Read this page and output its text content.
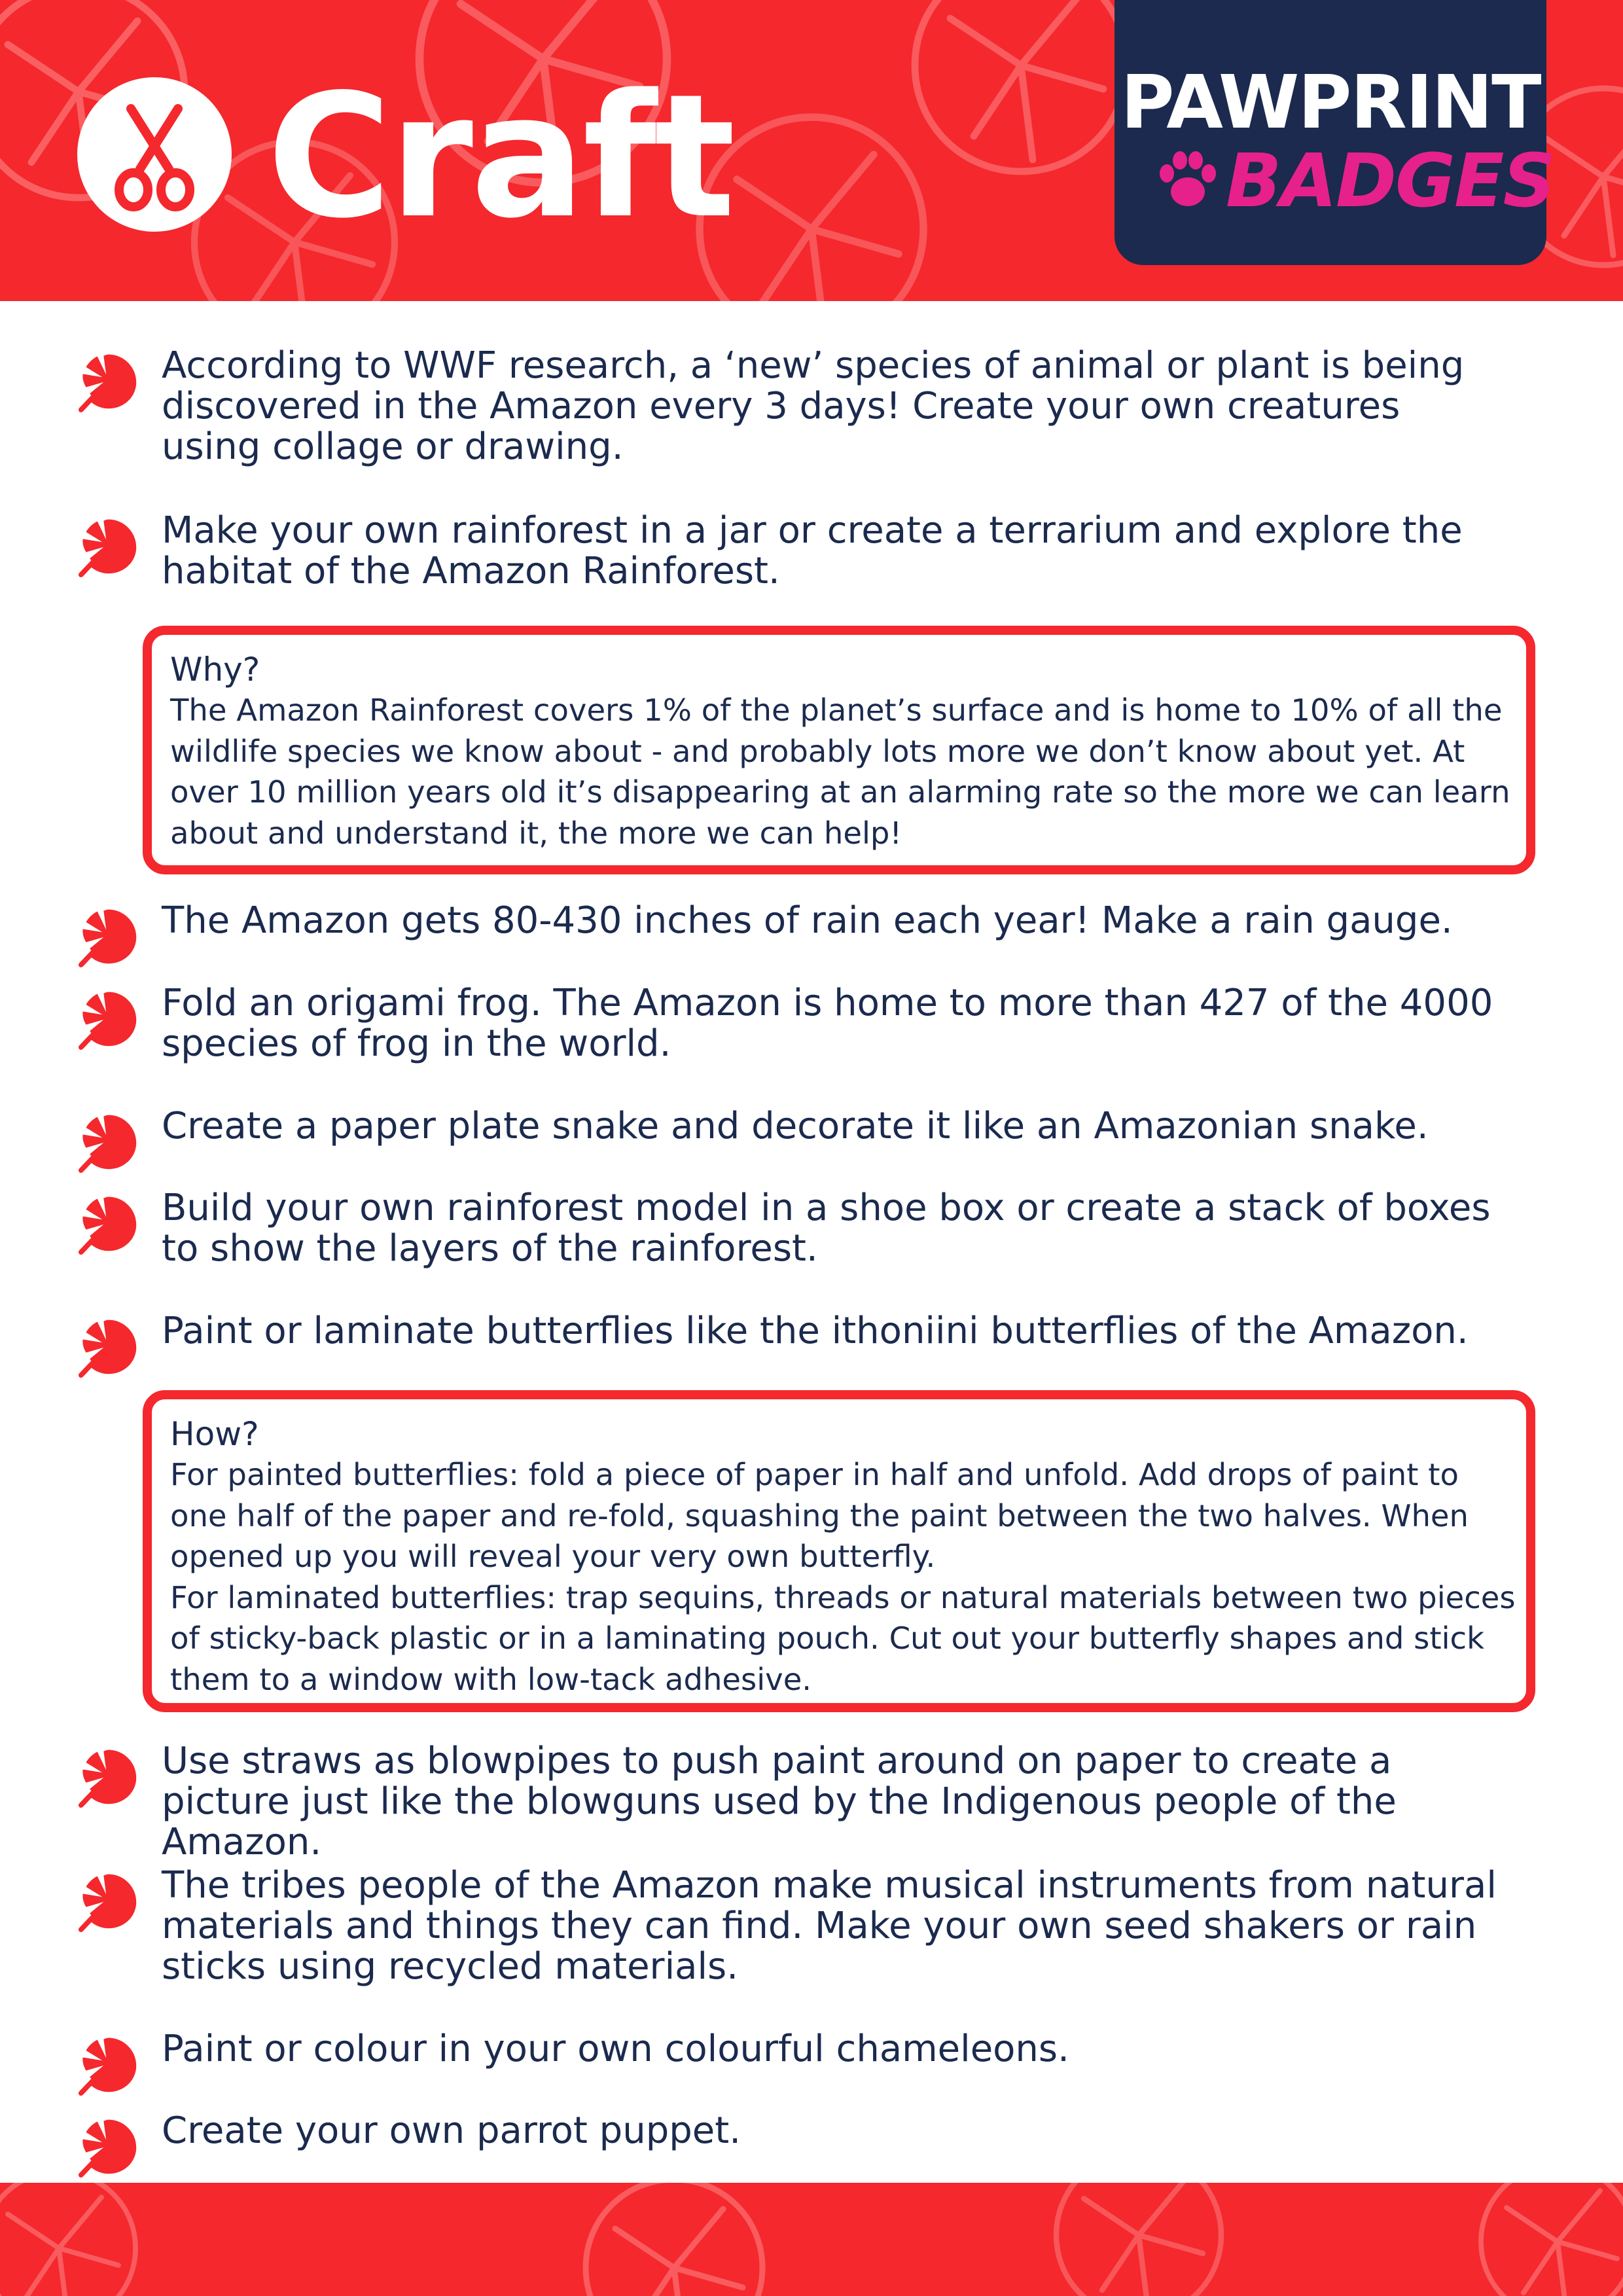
Craft	PAWPRINT
BADGES

According to WWF research, a ‘new’ species of animal or plant is being discovered in the Amazon every 3 days! Create your own creatures using collage or drawing.

Make your own rainforest in a jar or create a terrarium and explore the habitat of the Amazon Rainforest.

Why?

The Amazon Rainforest covers 1% of the planet’s surface and is home to 10% of all the wildlife species we know about - and probably lots more we don’t know about yet. At over 10 million years old it’s disappearing at an alarming rate so the more we can learn about and understand it, the more we can help!

The Amazon gets 80-430 inches of rain each year! Make a rain gauge.

Fold an origami frog. The Amazon is home to more than 427 of the 4000 species of frog in the world.

Create a paper plate snake and decorate it like an Amazonian snake.

Build your own rainforest model in a shoe box or create a stack of boxes to show the layers of the rainforest.

Paint or laminate butterflies like the ithoniini butterflies of the Amazon.

How?

For painted butterflies: fold a piece of paper in half and unfold. Add drops of paint to one half of the paper and re-fold, squashing the paint between the two halves. When opened up you will reveal your very own butterfly.

For laminated butterflies: trap sequins, threads or natural materials between two pieces of sticky-back plastic or in a laminating pouch. Cut out your butterfly shapes and stick them to a window with low-tack adhesive.

Use straws as blowpipes to push paint around on paper to create a picture just like the blowguns used by the Indigenous people of the Amazon.

The tribes people of the Amazon make musical instruments from natural materials and things they can find. Make your own seed shakers or rain sticks using recycled materials.

Paint or colour in your own colourful chameleons.

Create your own parrot puppet.
